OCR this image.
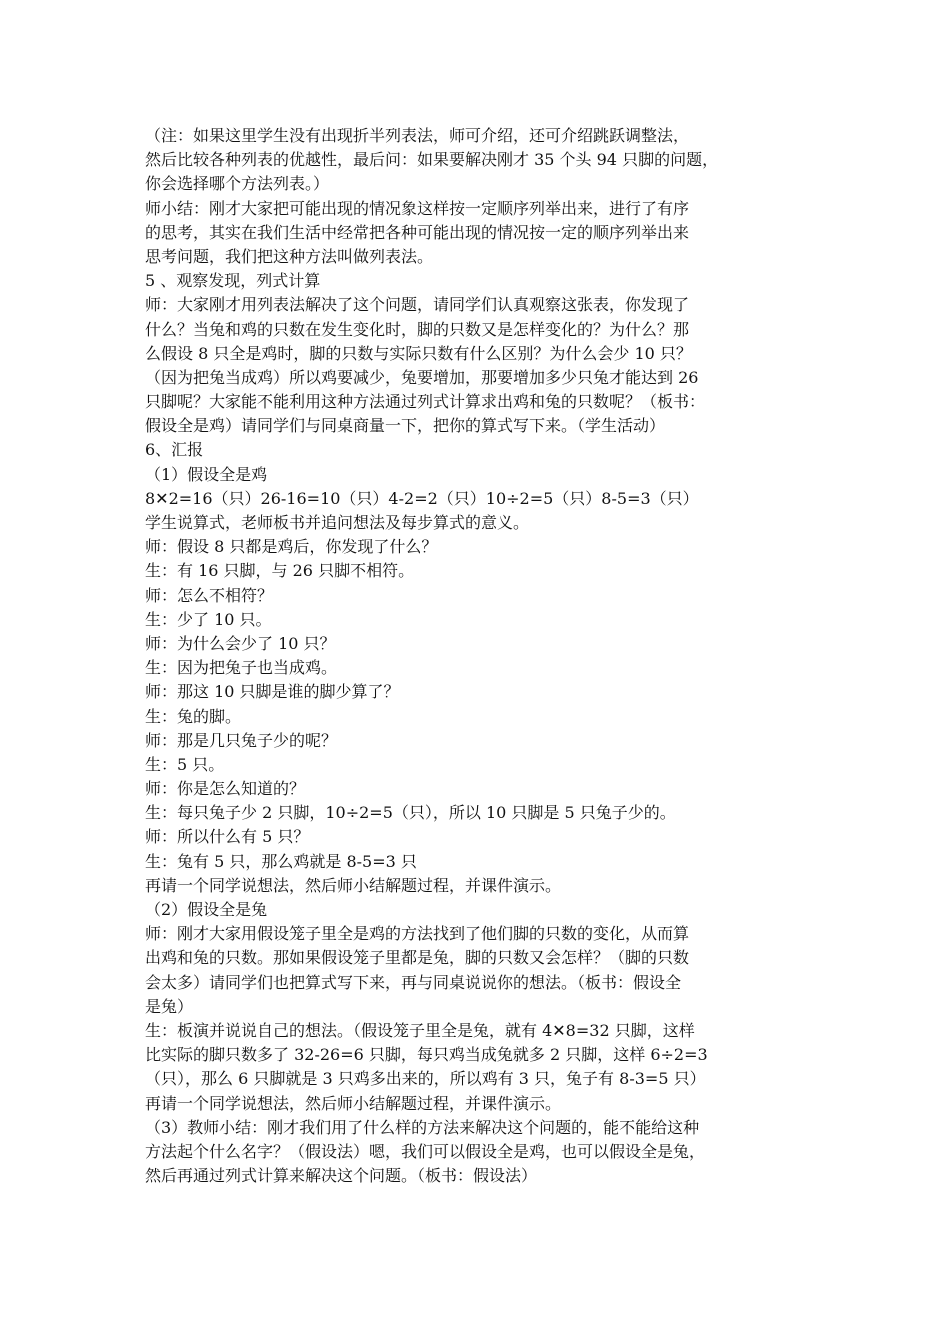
（注：如果这里学生没有出现折半列表法，师可介绍，还可介绍跳跃调整法，
然后比较各种列表的优越性，最后问：如果要解决刚才 35 个头 94 只脚的问题，
你会选择哪个方法列表。）
师小结：刚才大家把可能出现的情况象这样按一定顺序列举出来，进行了有序
的思考，其实在我们生活中经常把各种可能出现的情况按一定的顺序列举出来
思考问题，我们把这种方法叫做列表法。
5 、观察发现，列式计算
师：大家刚才用列表法解决了这个问题，请同学们认真观察这张表，你发现了
什么？当兔和鸡的只数在发生变化时，脚的只数又是怎样变化的？为什么？那
么假设 8 只全是鸡时，脚的只数与实际只数有什么区别？为什么会少 10 只？
（因为把兔当成鸡）所以鸡要减少，兔要增加，那要增加多少只兔才能达到 26
只脚呢？大家能不能利用这种方法通过列式计算求出鸡和兔的只数呢？（板书：
假设全是鸡）请同学们与同桌商量一下，把你的算式写下来。（学生活动）
6、汇报
（1）假设全是鸡
8✕2=16（只）26-16=10（只）4-2=2（只）10÷2=5（只）8-5=3（只）
学生说算式，老师板书并追问想法及每步算式的意义。
师：假设 8 只都是鸡后，你发现了什么？
生：有 16 只脚，与 26 只脚不相符。
师：怎么不相符？
生：少了 10 只。
师：为什么会少了 10 只？
生：因为把兔子也当成鸡。
师：那这 10 只脚是谁的脚少算了？
生：兔的脚。
师：那是几只兔子少的呢？
生：5 只。
师：你是怎么知道的？
生：每只兔子少 2 只脚，10÷2=5（只），所以 10 只脚是 5 只兔子少的。
师：所以什么有 5 只？
生：兔有 5 只，那么鸡就是 8-5=3 只
再请一个同学说想法，然后师小结解题过程，并课件演示。
（2）假设全是兔
师：刚才大家用假设笼子里全是鸡的方法找到了他们脚的只数的变化，从而算
出鸡和兔的只数。那如果假设笼子里都是兔，脚的只数又会怎样？（脚的只数
会太多）请同学们也把算式写下来，再与同桌说说你的想法。（板书：假设全
是兔）
生：板演并说说自己的想法。（假设笼子里全是兔，就有 4✕8=32 只脚，这样
比实际的脚只数多了 32-26=6 只脚，每只鸡当成兔就多 2 只脚，这样 6÷2=3
（只），那么 6 只脚就是 3 只鸡多出来的，所以鸡有 3 只，兔子有 8-3=5 只）
再请一个同学说想法，然后师小结解题过程，并课件演示。
（3）教师小结：刚才我们用了什么样的方法来解决这个问题的，能不能给这种
方法起个什么名字？（假设法）嗯，我们可以假设全是鸡，也可以假设全是兔，
然后再通过列式计算来解决这个问题。（板书：假设法）
